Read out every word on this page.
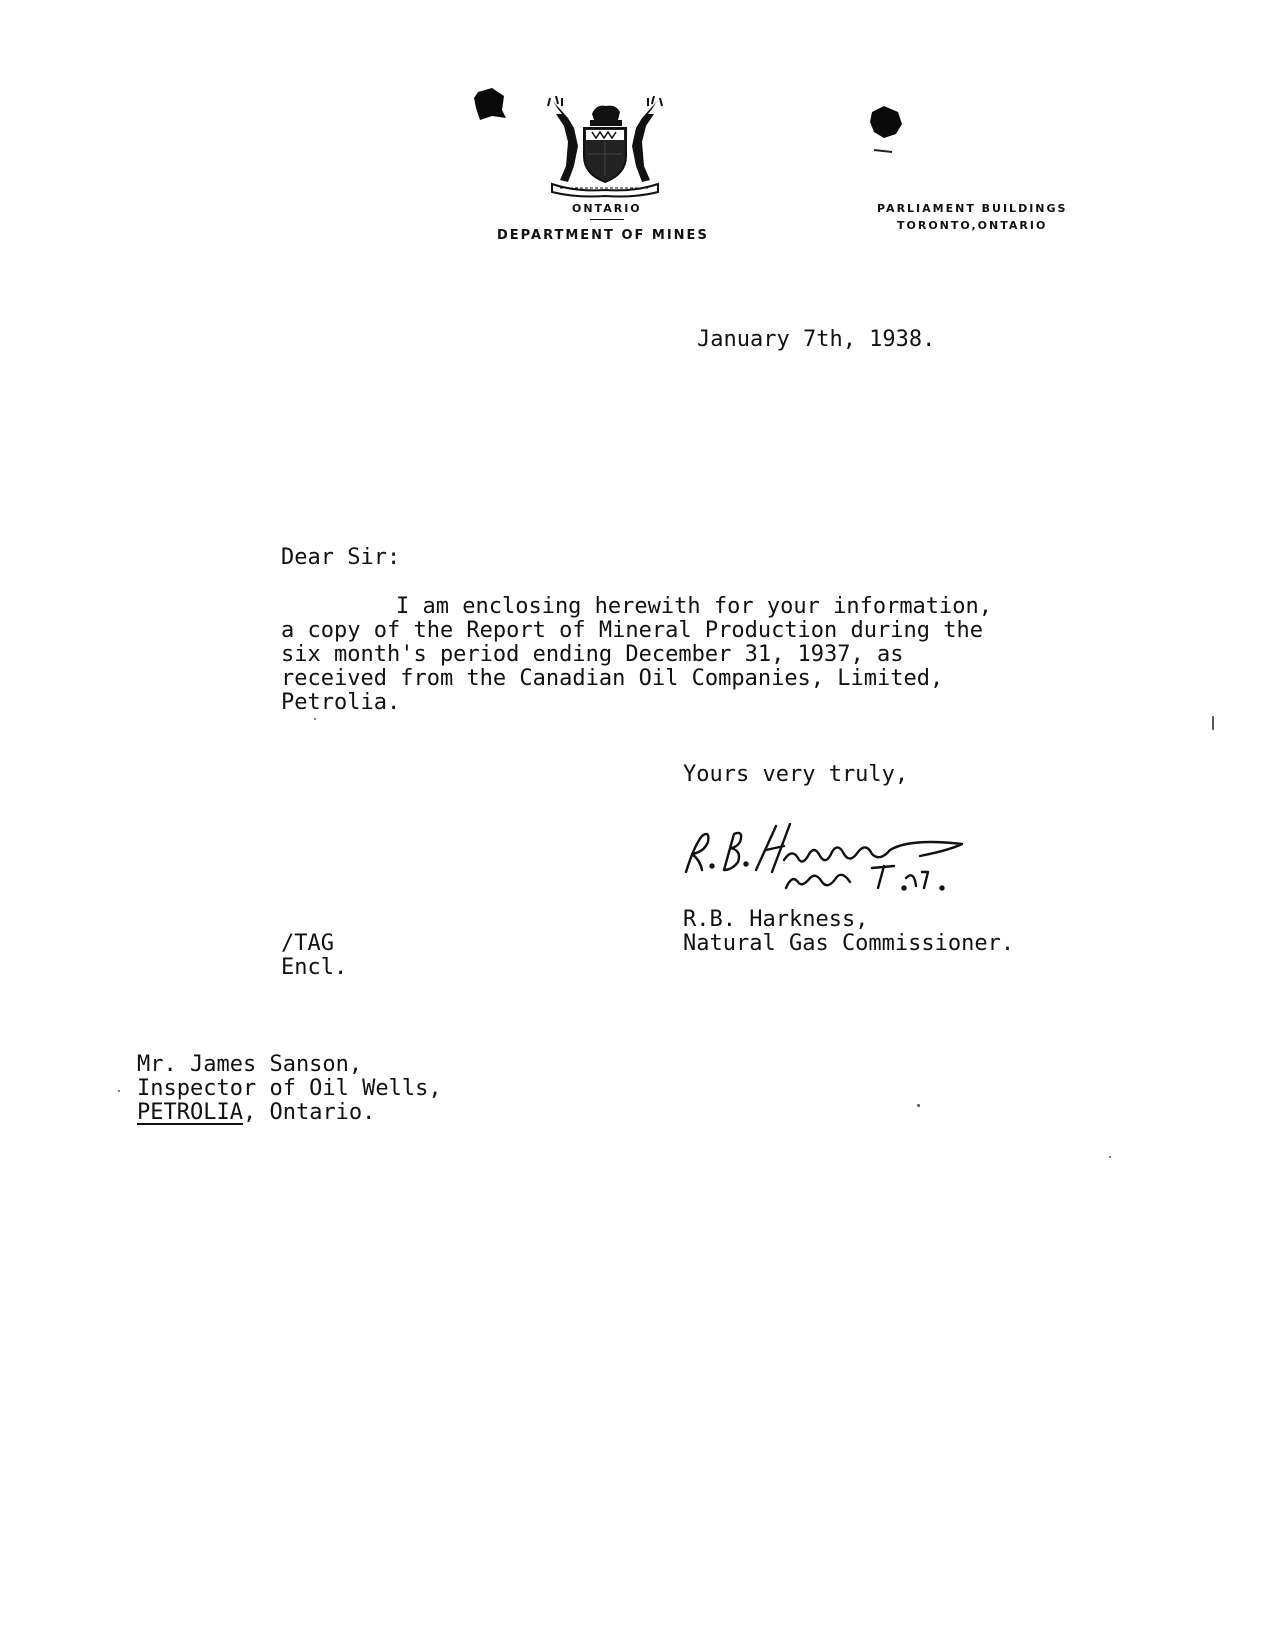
ONTARIO
DEPARTMENT OF MINES
PARLIAMENT BUILDINGS
TORONTO,ONTARIO
January 7th, 1938.
Dear Sir:
I am enclosing herewith for your information,
a copy of the Report of Mineral Production during the
six month's period ending December 31, 1937, as
received from the Canadian Oil Companies, Limited,
Petrolia.
Yours very truly,
R.B. Harkness,
Natural Gas Commissioner.
/TAG
Encl.
Mr. James Sanson,
Inspector of Oil Wells,
PETROLIA, Ontario.
